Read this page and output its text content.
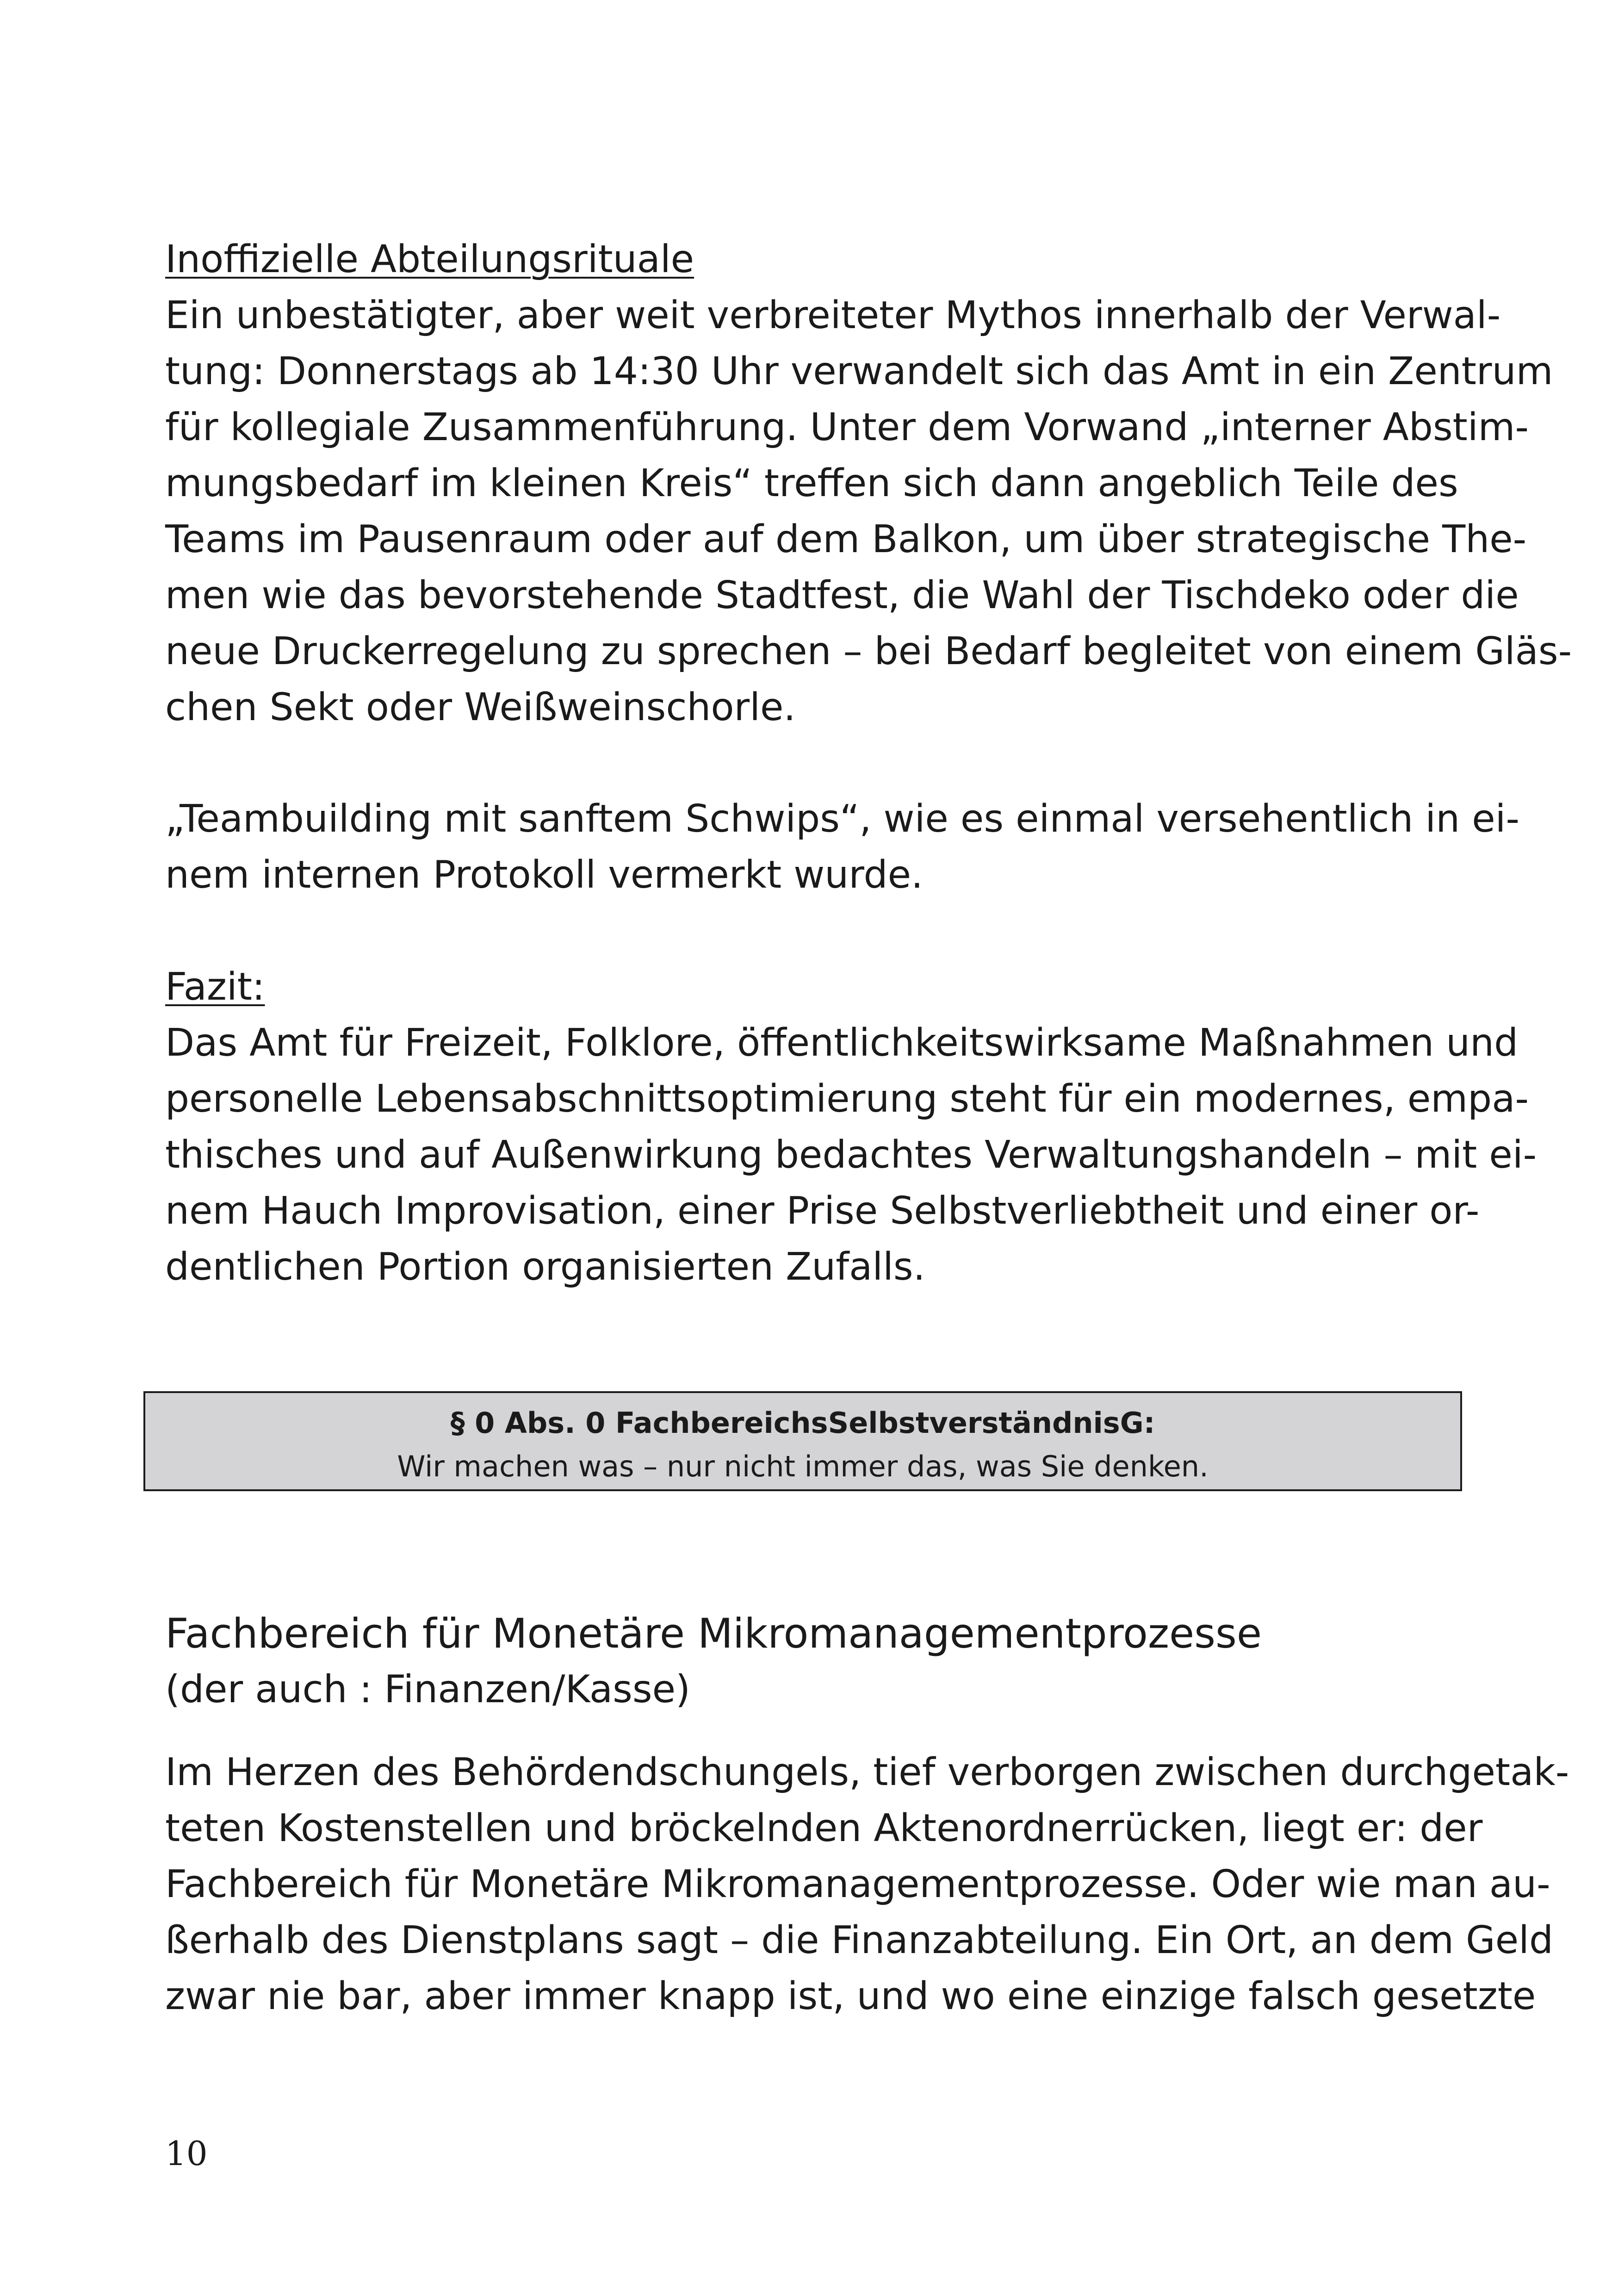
Inoffizielle Abteilungsrituale
Ein unbestätigter, aber weit verbreiteter Mythos innerhalb der Verwal-
tung: Donnerstags ab 14:30 Uhr verwandelt sich das Amt in ein Zentrum
für kollegiale Zusammenführung. Unter dem Vorwand „interner Abstim-
mungsbedarf im kleinen Kreis“ treffen sich dann angeblich Teile des
Teams im Pausenraum oder auf dem Balkon, um über strategische The-
men wie das bevorstehende Stadtfest, die Wahl der Tischdeko oder die
neue Druckerregelung zu sprechen – bei Bedarf begleitet von einem Gläs-
chen Sekt oder Weißweinschorle.
„Teambuilding mit sanftem Schwips“, wie es einmal versehentlich in ei-
nem internen Protokoll vermerkt wurde.
Fazit:
Das Amt für Freizeit, Folklore, öffentlichkeitswirksame Maßnahmen und
personelle Lebensabschnittsoptimierung steht für ein modernes, empa-
thisches und auf Außenwirkung bedachtes Verwaltungshandeln – mit ei-
nem Hauch Improvisation, einer Prise Selbstverliebtheit und einer or-
dentlichen Portion organisierten Zufalls.
§ 0 Abs. 0 FachbereichsSelbstverständnisG:
Wir machen was – nur nicht immer das, was Sie denken.
Fachbereich für Monetäre Mikromanagementprozesse
(der auch : Finanzen/Kasse)
Im Herzen des Behördendschungels, tief verborgen zwischen durchgetak-
teten Kostenstellen und bröckelnden Aktenordnerrücken, liegt er: der
Fachbereich für Monetäre Mikromanagementprozesse. Oder wie man au-
ßerhalb des Dienstplans sagt – die Finanzabteilung. Ein Ort, an dem Geld
zwar nie bar, aber immer knapp ist, und wo eine einzige falsch gesetzte
10
